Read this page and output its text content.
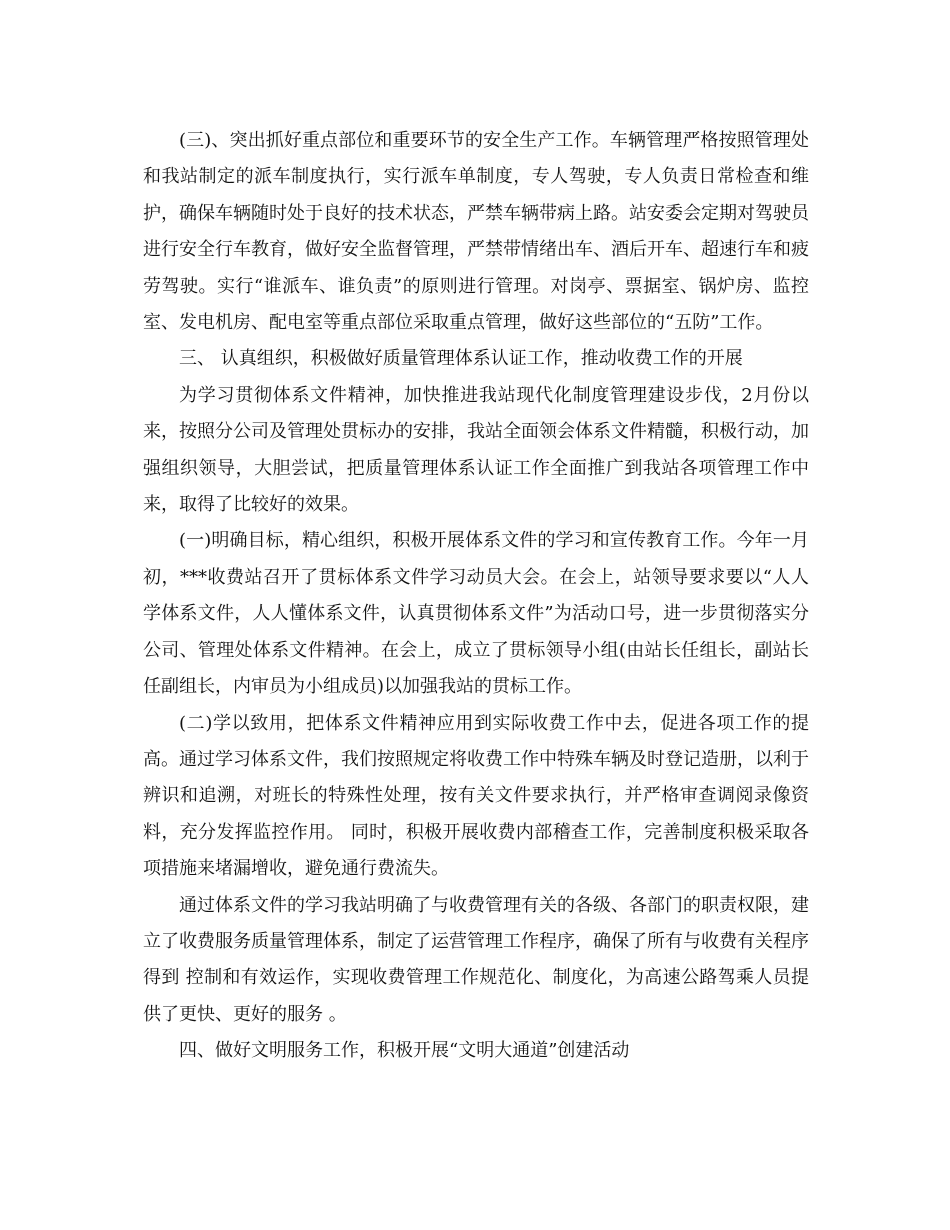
(三)、突出抓好重点部位和重要环节的安全生产工作。车辆管理严格按照管理处和我站制定的派车制度执行，实行派车单制度，专人驾驶，专人负责日常检查和维护，确保车辆随时处于良好的技术状态，严禁车辆带病上路。站安委会定期对驾驶员进行安全行车教育，做好安全监督管理，严禁带情绪出车、酒后开车、超速行车和疲劳驾驶。实行“谁派车、谁负责”的原则进行管理。对岗亭、票据室、锅炉房、监控室、发电机房、配电室等重点部位采取重点管理，做好这些部位的“五防”工作。

三、 认真组织，积极做好质量管理体系认证工作，推动收费工作的开展

为学习贯彻体系文件精神，加快推进我站现代化制度管理建设步伐，2月份以来，按照分公司及管理处贯标办的安排，我站全面领会体系文件精髓，积极行动，加强组织领导，大胆尝试，把质量管理体系认证工作全面推广到我站各项管理工作中来，取得了比较好的效果。

(一)明确目标，精心组织，积极开展体系文件的学习和宣传教育工作。今年一月初，***收费站召开了贯标体系文件学习动员大会。在会上，站领导要求要以“人人学体系文件，人人懂体系文件，认真贯彻体系文件”为活动口号，进一步贯彻落实分公司、管理处体系文件精神。在会上，成立了贯标领导小组(由站长任组长，副站长任副组长，内审员为小组成员)以加强我站的贯标工作。

(二)学以致用，把体系文件精神应用到实际收费工作中去，促进各项工作的提高。通过学习体系文件，我们按照规定将收费工作中特殊车辆及时登记造册，以利于辨识和追溯，对班长的特殊性处理，按有关文件要求执行，并严格审查调阅录像资料，充分发挥监控作用。 同时，积极开展收费内部稽查工作，完善制度积极采取各项措施来堵漏增收，避免通行费流失。

通过体系文件的学习我站明确了与收费管理有关的各级、各部门的职责权限，建立了收费服务质量管理体系，制定了运营管理工作程序，确保了所有与收费有关程序得到 控制和有效运作，实现收费管理工作规范化、制度化，为高速公路驾乘人员提供了更快、更好的服务 。

四、做好文明服务工作，积极开展“文明大通道”创建活动
